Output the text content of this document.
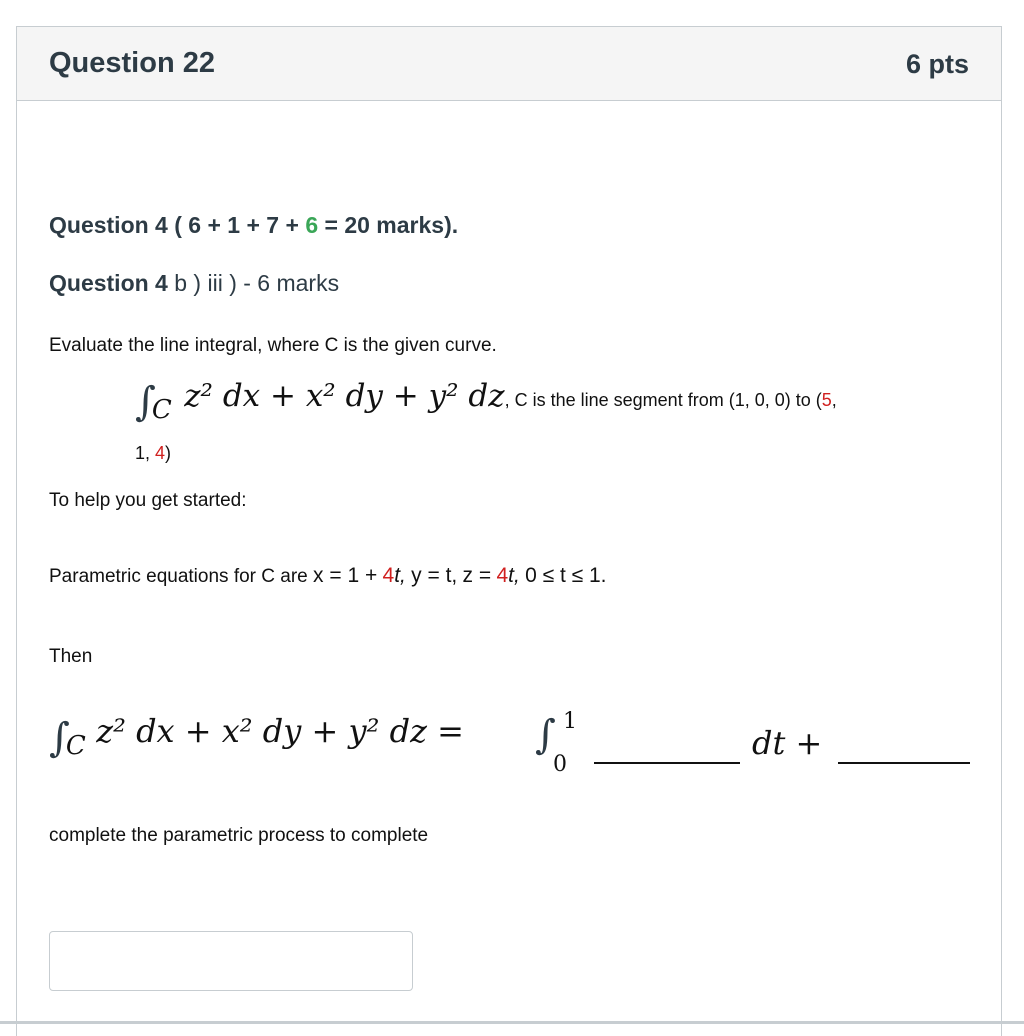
Question 22	6 pts
Question 4 ( 6 + 1 + 7 + 6 = 20 marks).
Question 4 b ) iii ) - 6 marks
Evaluate the line integral, where C is the given curve.
∫C z² dx + x² dy + y² dz, C is the line segment from (1, 0, 0) to (5,
1, 4)
To help you get started:
Parametric equations for C are x = 1 + 4t, y = t, z = 4t, 0 ≤ t ≤ 1.
Then
∫C z² dx + x² dy + y² dz = ∫ 1
0
dt +
complete the parametric process to complete
